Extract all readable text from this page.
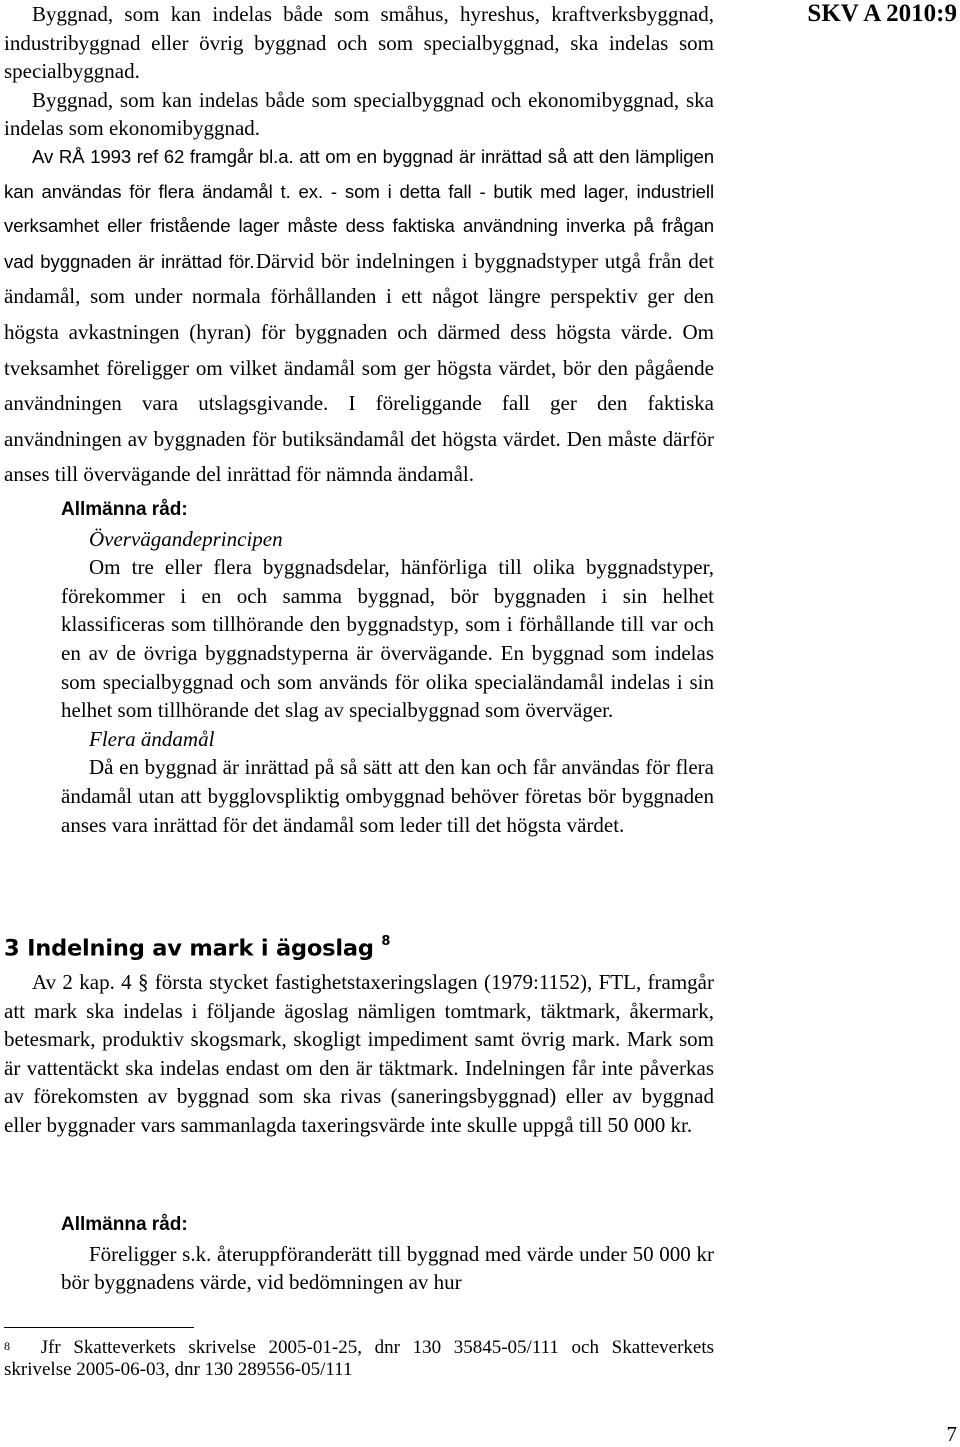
SKV A 2010:9

Byggnad, som kan indelas både som småhus, hyreshus, kraftverksbyggnad, industribyggnad eller övrig byggnad och som specialbyggnad, ska indelas som specialbyggnad.

Byggnad, som kan indelas både som specialbyggnad och ekonomibyggnad, ska indelas som ekonomibyggnad.

Av RÅ 1993 ref 62 framgår bl.a. att om en byggnad är inrättad så att den lämpligen kan användas för flera ändamål t. ex. - som i detta fall - butik med lager, industriell verksamhet eller fristående lager måste dess faktiska användning inverka på frågan vad byggnaden är inrättad för. Därvid bör indelningen i byggnadstyper utgå från det ändamål, som under normala förhållanden i ett något längre perspektiv ger den högsta avkastningen (hyran) för byggnaden och därmed dess högsta värde. Om tveksamhet föreligger om vilket ändamål som ger högsta värdet, bör den pågående användningen vara utslagsgivande. I föreliggande fall ger den faktiska användningen av byggnaden för butiksändamål det högsta värdet. Den måste därför anses till övervägande del inrättad för nämnda ändamål.

Allmänna råd:

Övervägandeprincipen

Om tre eller flera byggnadsdelar, hänförliga till olika byggnadstyper, förekommer i en och samma byggnad, bör byggnaden i sin helhet klassificeras som tillhörande den byggnadstyp, som i förhållande till var och en av de övriga byggnadstyperna är övervägande. En byggnad som indelas som specialbyggnad och som används för olika specialändamål indelas i sin helhet som tillhörande det slag av specialbyggnad som överväger.

Flera ändamål

Då en byggnad är inrättad på så sätt att den kan och får användas för flera ändamål utan att bygglovspliktig ombyggnad behöver företas bör byggnaden anses vara inrättad för det ändamål som leder till det högsta värdet.

3 Indelning av mark i ägoslag $^8$

Av 2 kap. 4 § första stycket fastighetstaxeringslagen (1979:1152), FTL, framgår att mark ska indelas i följande ägoslag nämligen tomtmark, täktmark, åkermark, betesmark, produktiv skogsmark, skogligt impediment samt övrig mark. Mark som är vattentäckt ska indelas endast om den är täktmark. Indelningen får inte påverkas av förekomsten av byggnad som ska rivas (saneringsbyggnad) eller av byggnad eller byggnader vars sammanlagda taxeringsvärde inte skulle uppgå till 50 000 kr.

Allmänna råd:

Föreligger s.k. återuppföranderätt till byggnad med värde under 50 000 kr bör byggnadens värde, vid bedömningen av hur

$^8$ Jfr Skatteverkets skrivelse 2005-01-25, dnr 130 35845-05/111 och Skatteverkets skrivelse 2005-06-03, dnr 130 289556-05/111
7
